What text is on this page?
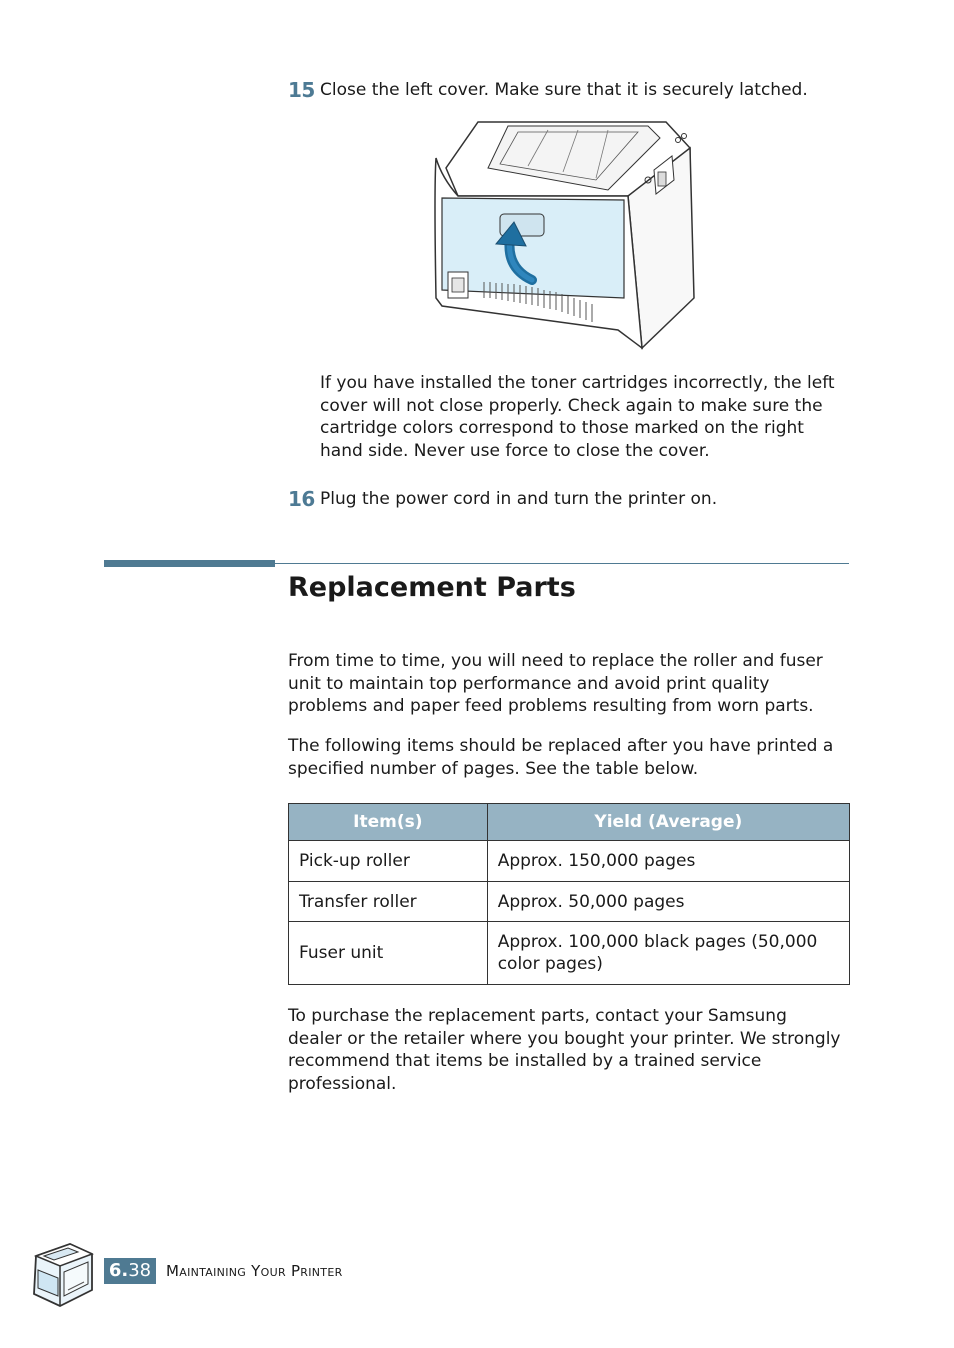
15 Close the left cover. Make sure that it is securely latched.
If you have installed the toner cartridges incorrectly, the left
cover will not close properly. Check again to make sure the
cartridge colors correspond to those marked on the right
hand side. Never use force to close the cover.
16 Plug the power cord in and turn the printer on.
Replacement Parts
From time to time, you will need to replace the roller and fuser
unit to maintain top performance and avoid print quality
problems and paper feed problems resulting from worn parts.
The following items should be replaced after you have printed a
specified number of pages. See the table below.
Item(s)	Yield (Average)
Pick-up roller	Approx. 150,000 pages
Transfer roller	Approx. 50,000 pages
Fuser unit	Approx. 100,000 black pages (50,000
color pages)
To purchase the replacement parts, contact your Samsung
dealer or the retailer where you bought your printer. We strongly
recommend that items be installed by a trained service
professional.
6.38 Maintaining Your Printer
